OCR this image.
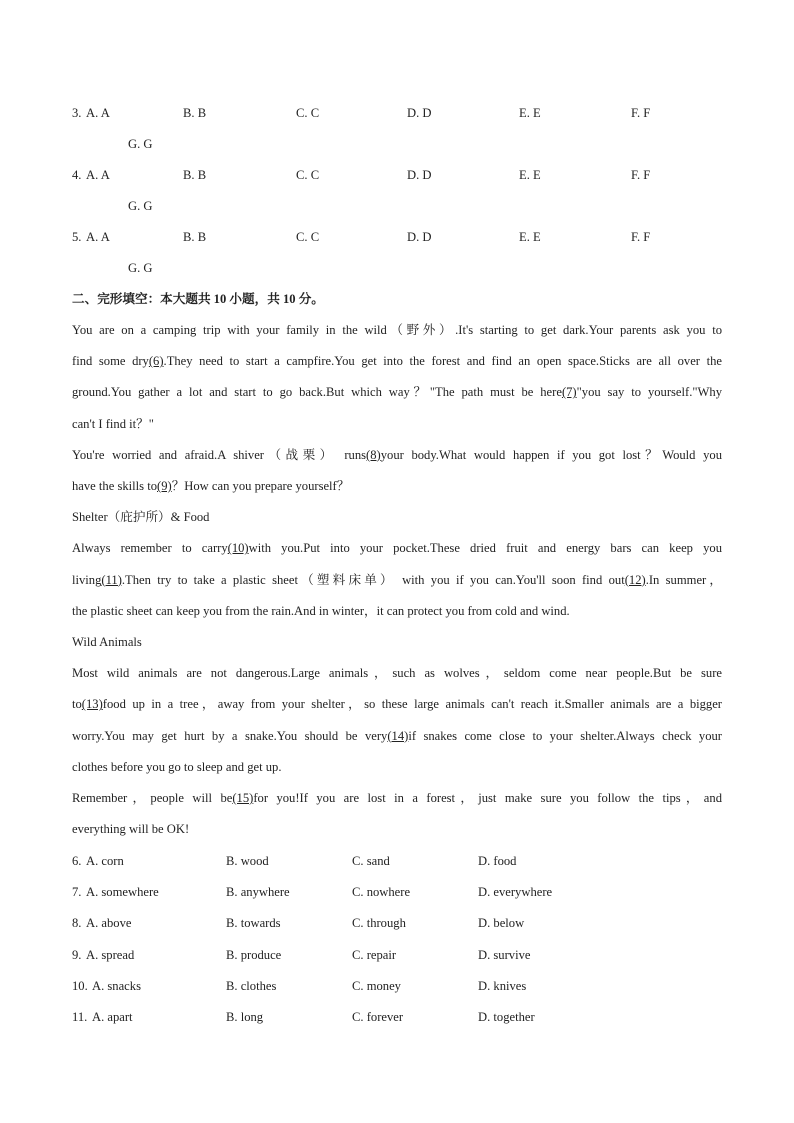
3. A. A	B. B	C. C	D. D	E. E	F. F
G. G
4. A. A	B. B	C. C	D. D	E. E	F. F
G. G
5. A. A	B. B	C. C	D. D	E. E	F. F
G. G
二、完形填空：本大题共 10 小题，共 10 分。
You are on a camping trip with your family in the wild（野外）.It's starting to get dark.Your parents ask you to
find some dry(6).They need to start a campfire.You get into the forest and find an open space.Sticks are all over the
ground.You gather a lot and start to go back.But which way？"The path must be here(7)"you say to yourself."Why
can't I find it？"
You're worried and afraid.A shiver（战栗） runs(8)your body.What would happen if you got lost？Would you
have the skills to(9)？How can you prepare yourself？
Shelter（庇护所）& Food
Always remember to carry(10)with you.Put into your pocket.These dried fruit and energy bars can keep you
living(11).Then try to take a plastic sheet（塑料床单） with you if you can.You'll soon find out(12).In summer，
the plastic sheet can keep you from the rain.And in winter，it can protect you from cold and wind.
Wild Animals
Most wild animals are not dangerous.Large animals，such as wolves，seldom come near people.But be sure
to(13)food up in a tree，away from your shelter，so these large animals can't reach it.Smaller animals are a bigger
worry.You may get hurt by a snake.You should be very(14)if snakes come close to your shelter.Always check your
clothes before you go to sleep and get up.
Remember，people will be(15)for you!If you are lost in a forest，just make sure you follow the tips，and
everything will be OK!
6. A. corn	B. wood	C. sand	D. food
7. A. somewhere	B. anywhere	C. nowhere	D. everywhere
8. A. above	B. towards	C. through	D. below
9. A. spread	B. produce	C. repair	D. survive
10. A. snacks	B. clothes	C. money	D. knives
11. A. apart	B. long	C. forever	D. together
